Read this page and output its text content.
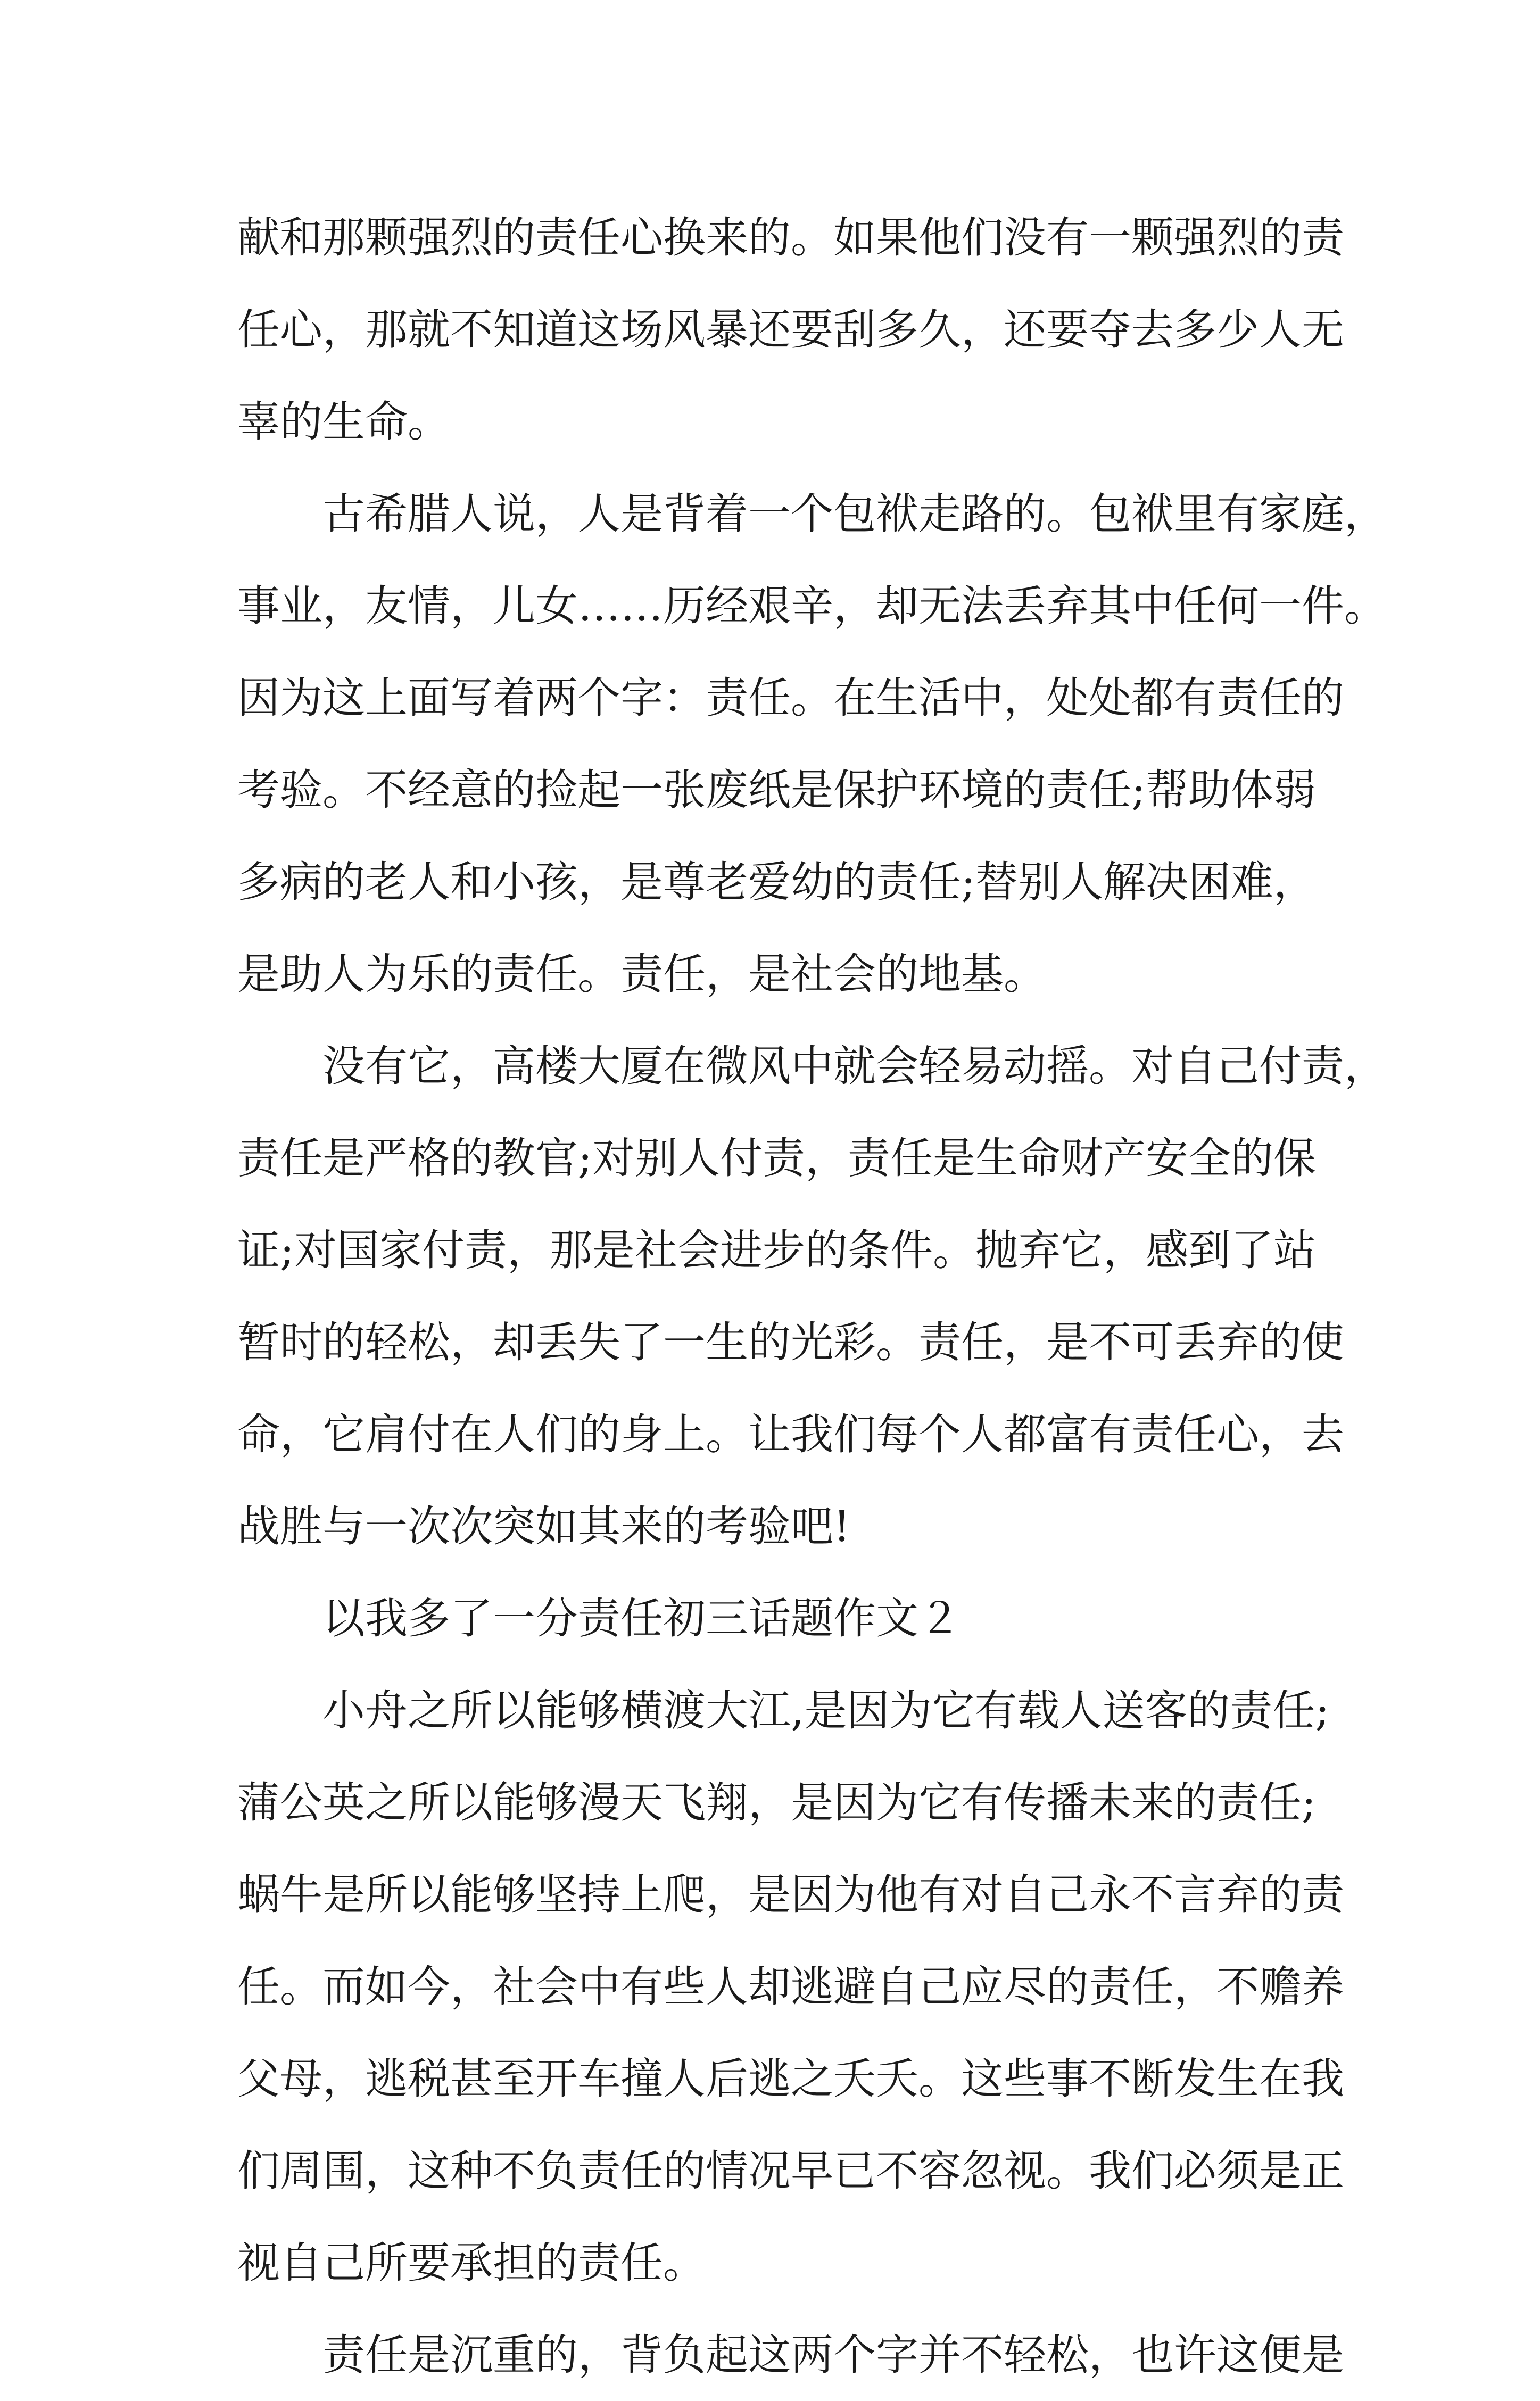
献和那颗强烈的责任心换来的。如果他们没有一颗强烈的责
任心，那就不知道这场风暴还要刮多久，还要夺去多少人无
辜的生命。
古希腊人说，人是背着一个包袱走路的。包袱里有家庭，
事业，友情，儿女……历经艰辛，却无法丢弃其中任何一件。
因为这上面写着两个字：责任。在生活中，处处都有责任的
考验。不经意的捡起一张废纸是保护环境的责任;帮助体弱
多病的老人和小孩，是尊老爱幼的责任;替别人解决困难，
是助人为乐的责任。责任，是社会的地基。
没有它，高楼大厦在微风中就会轻易动摇。对自己付责，
责任是严格的教官;对别人付责，责任是生命财产安全的保
证;对国家付责，那是社会进步的条件。抛弃它，感到了站
暂时的轻松，却丢失了一生的光彩。责任，是不可丢弃的使
命，它肩付在人们的身上。让我们每个人都富有责任心，去
战胜与一次次突如其来的考验吧!
以我多了一分责任初三话题作文２
小舟之所以能够横渡大江,是因为它有载人送客的责任;
蒲公英之所以能够漫天飞翔，是因为它有传播未来的责任;
蜗牛是所以能够坚持上爬，是因为他有对自己永不言弃的责
任。而如今，社会中有些人却逃避自己应尽的责任，不赡养
父母，逃税甚至开车撞人后逃之夭夭。这些事不断发生在我
们周围，这种不负责任的情况早已不容忽视。我们必须是正
视自己所要承担的责任。
责任是沉重的，背负起这两个字并不轻松，也许这便是
